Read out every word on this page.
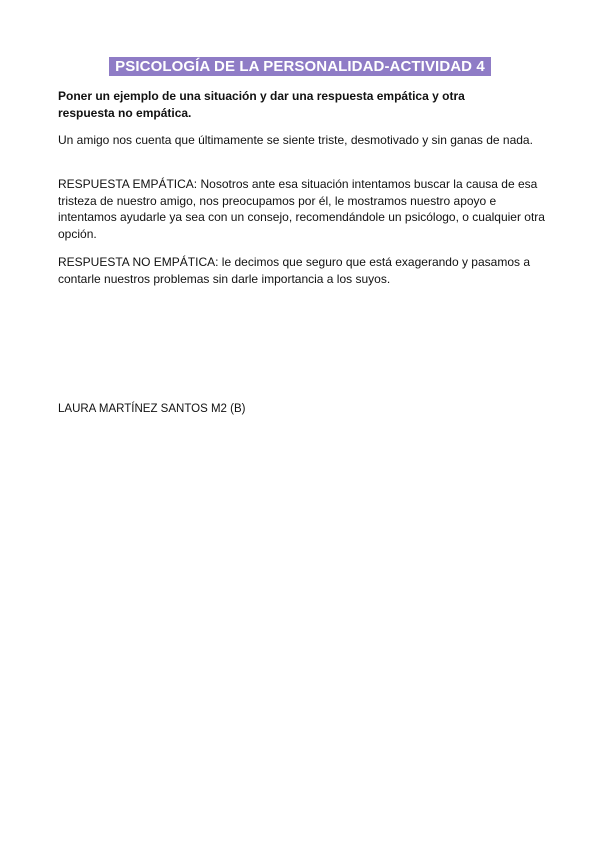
PSICOLOGÍA DE LA PERSONALIDAD-ACTIVIDAD 4

Poner un ejemplo de una situación y dar una respuesta empática y otra respuesta no empática.

Un amigo nos cuenta que últimamente se siente triste, desmotivado y sin ganas de nada.

RESPUESTA EMPÁTICA: Nosotros ante esa situación intentamos buscar la causa de esa tristeza de nuestro amigo, nos preocupamos por él, le mostramos nuestro apoyo e intentamos ayudarle ya sea con un consejo, recomendándole un psicólogo, o cualquier otra opción.

RESPUESTA NO EMPÁTICA: le decimos que seguro que está exagerando y pasamos a contarle nuestros problemas sin darle importancia a los suyos.

LAURA MARTÍNEZ SANTOS M2 (B)
